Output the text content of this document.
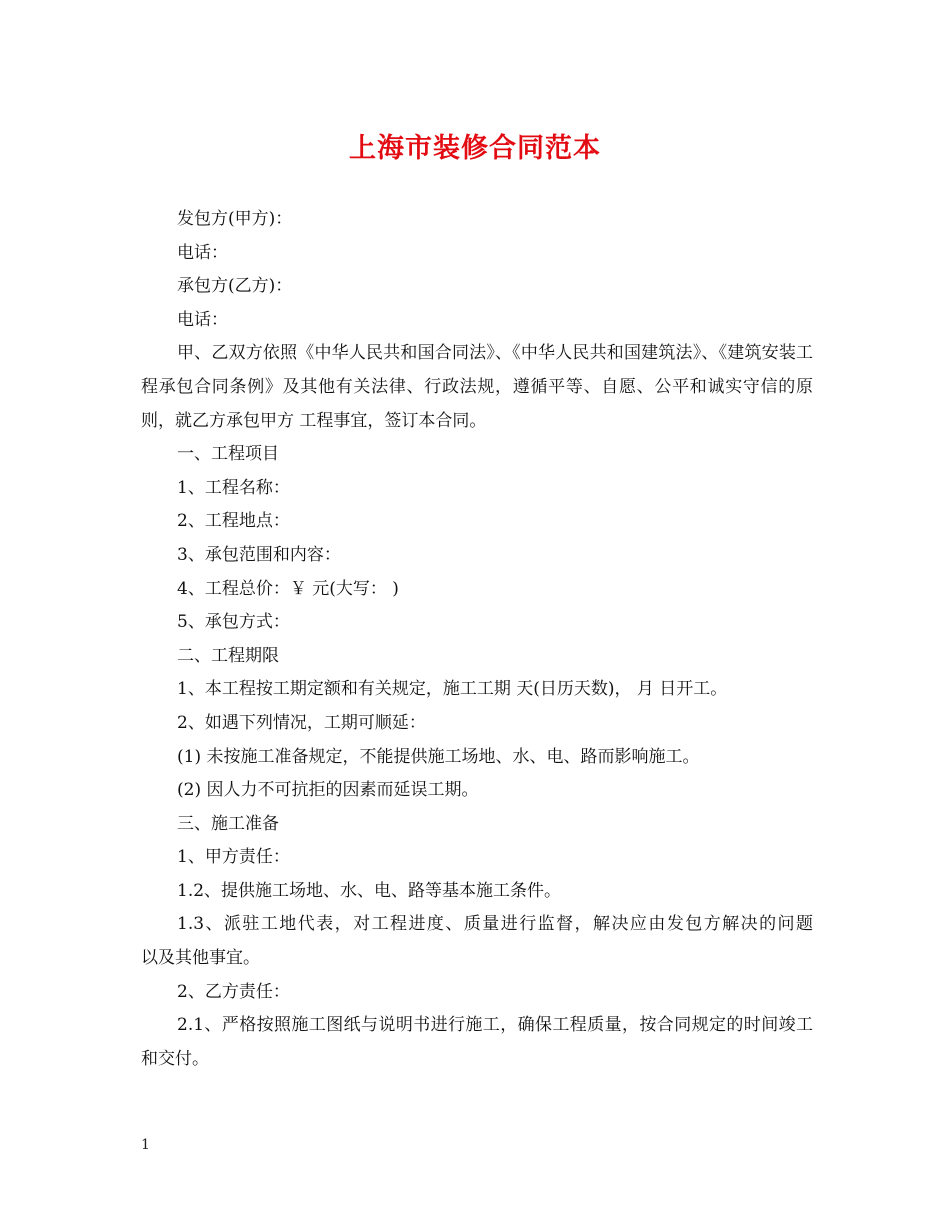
上海市装修合同范本

发包方(甲方)：

电话：

承包方(乙方)：

电话：

甲、乙双方依照《中华人民共和国合同法》、《中华人民共和国建筑法》、《建筑安装工程承包合同条例》及其他有关法律、行政法规，遵循平等、自愿、公平和诚实守信的原则，就乙方承包甲方 工程事宜，签订本合同。

一、工程项目

1、工程名称：

2、工程地点：

3、承包范围和内容：

4、工程总价：￥ 元(大写： )

5、承包方式：

二、工程期限

1、本工程按工期定额和有关规定，施工工期 天(日历天数)， 月 日开工。

2、如遇下列情况，工期可顺延：

(1) 未按施工准备规定，不能提供施工场地、水、电、路而影响施工。

(2) 因人力不可抗拒的因素而延误工期。

三、施工准备

1、甲方责任：

1.2、提供施工场地、水、电、路等基本施工条件。

1.3、派驻工地代表，对工程进度、质量进行监督，解决应由发包方解决的问题　　　　以及其他事宜。

2、乙方责任：

2.1、严格按照施工图纸与说明书进行施工，确保工程质量，按合同规定的时间竣工和交付。

1
